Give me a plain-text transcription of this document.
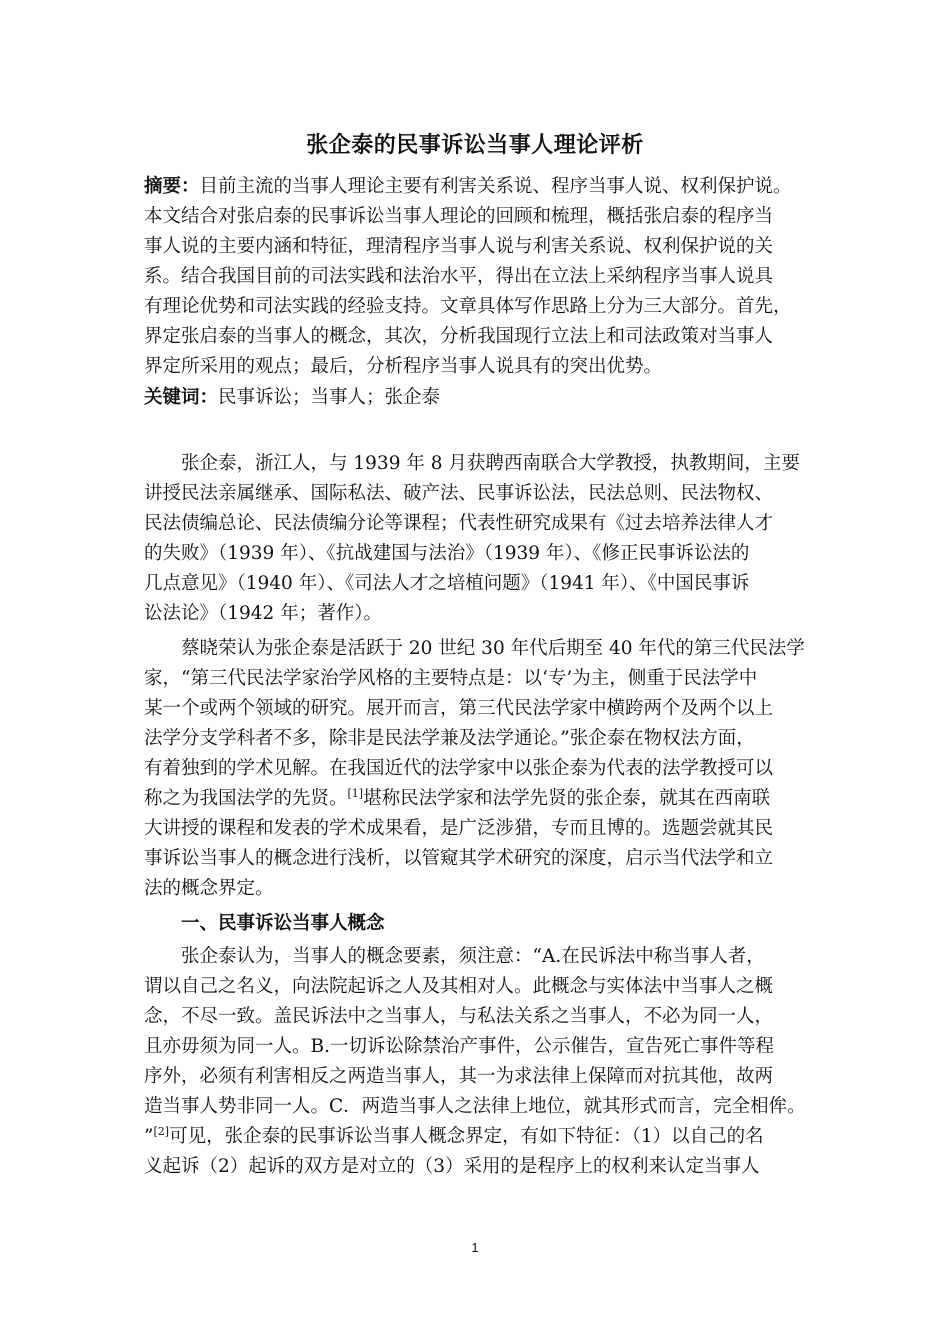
张企泰的民事诉讼当事人理论评析

摘要：目前主流的当事人理论主要有利害关系说、程序当事人说、权利保护说。

本文结合对张启泰的民事诉讼当事人理论的回顾和梳理，概括张启泰的程序当

事人说的主要内涵和特征，理清程序当事人说与利害关系说、权利保护说的关

系。结合我国目前的司法实践和法治水平，得出在立法上采纳程序当事人说具

有理论优势和司法实践的经验支持。文章具体写作思路上分为三大部分。首先，

界定张启泰的当事人的概念，其次，分析我国现行立法上和司法政策对当事人

界定所采用的观点；最后，分析程序当事人说具有的突出优势。

关键词：民事诉讼；当事人；张企泰

张企泰，浙江人，与 1939 年 8 月获聘西南联合大学教授，执教期间，主要

讲授民法亲属继承、国际私法、破产法、民事诉讼法，民法总则、民法物权、

民法债编总论、民法债编分论等课程；代表性研究成果有《过去培养法律人才

的失败》（1939 年）、《抗战建国与法治》（1939 年）、《修正民事诉讼法的

几点意见》（1940 年）、《司法人才之培植问题》（1941 年）、《中国民事诉

讼法论》（1942 年；著作）。

蔡晓荣认为张企泰是活跃于 20 世纪 30 年代后期至 40 年代的第三代民法学

家，“第三代民法学家治学风格的主要特点是：以‘专’为主，侧重于民法学中

某一个或两个领域的研究。展开而言，第三代民法学家中横跨两个及两个以上

法学分支学科者不多，除非是民法学兼及法学通论。”张企泰在物权法方面，

有着独到的学术见解。在我国近代的法学家中以张企泰为代表的法学教授可以

称之为我国法学的先贤。[1]堪称民法学家和法学先贤的张企泰，就其在西南联

大讲授的课程和发表的学术成果看，是广泛涉猎，专而且博的。选题尝就其民

事诉讼当事人的概念进行浅析，以管窥其学术研究的深度，启示当代法学和立

法的概念界定。

一、民事诉讼当事人概念

张企泰认为，当事人的概念要素，须注意：“A.在民诉法中称当事人者，

谓以自己之名义，向法院起诉之人及其相对人。此概念与实体法中当事人之概

念，不尽一致。盖民诉法中之当事人，与私法关系之当事人，不必为同一人，

且亦毋须为同一人。B.一切诉讼除禁治产事件，公示催告，宣告死亡事件等程

序外，必须有利害相反之两造当事人，其一为求法律上保障而对抗其他，故两

造当事人势非同一人。C．两造当事人之法律上地位，就其形式而言，完全相侔。

”[2]可见，张企泰的民事诉讼当事人概念界定，有如下特征：（1）以自己的名

义起诉（2）起诉的双方是对立的（3）采用的是程序上的权利来认定当事人

1
